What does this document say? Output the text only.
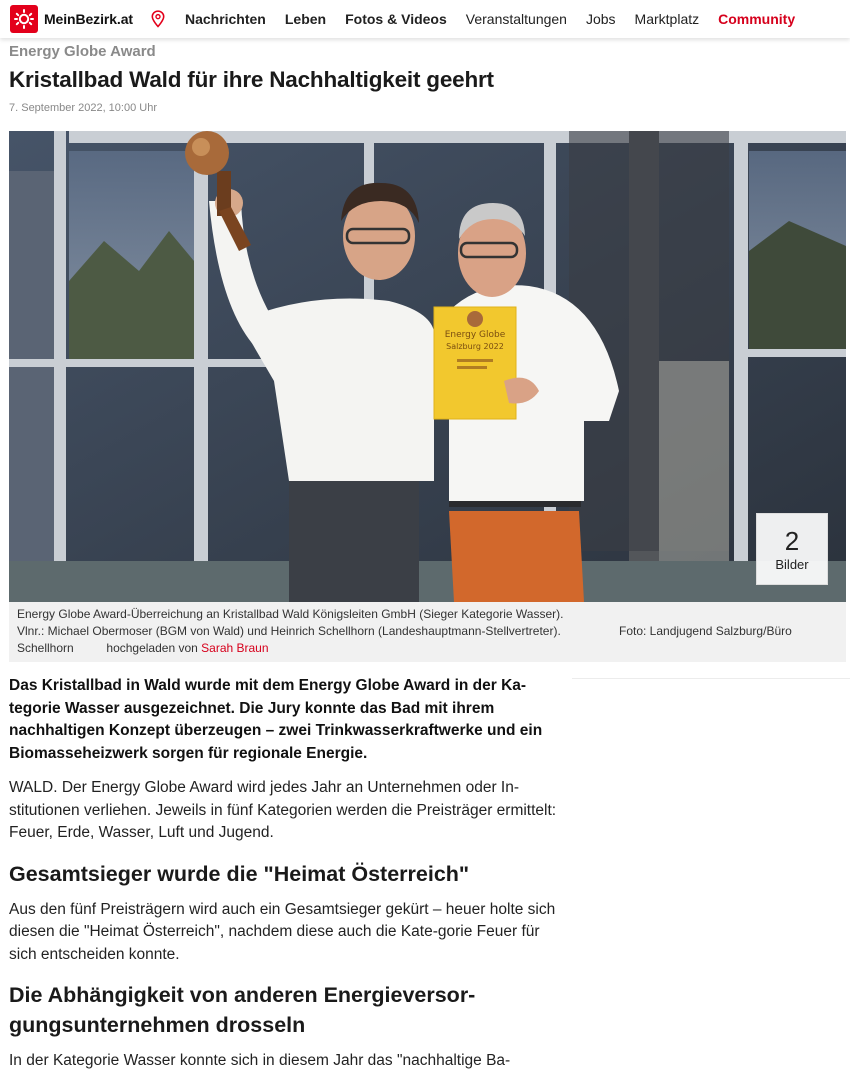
MeinBezirk.at	Nachrichten Leben Fotos & Videos Veranstaltungen Jobs Marktplatz Community
Energy Globe Award
Kristallbad Wald für ihre Nachhaltigkeit geehrt
7. September 2022, 10:00 Uhr
Energy Globe
Salzburg 2022
2
Bilder
Energy Globe Award-Überreichung an Kristallbad Wald Königsleiten GmbH (Sieger Kategorie Wasser).
Vlnr.: Michael Obermoser (BGM von Wald) und Heinrich Schellhorn (Landeshauptmann-Stellvertreter).	Foto: Landjugend Salzburg/Büro
Schellhorn	hochgeladen von Sarah Braun

Das Kristallbad in Wald wurde mit dem Energy Globe Award in der Ka-tegorie Wasser ausgezeichnet. Die Jury konnte das Bad mit ihrem nachhaltigen Konzept überzeugen – zwei Trinkwasserkraftwerke und ein Biomasseheizwerk sorgen für regionale Energie.

WALD. Der Energy Globe Award wird jedes Jahr an Unternehmen oder In-stitutionen verliehen. Jeweils in fünf Kategorien werden die Preisträger ermittelt: Feuer, Erde, Wasser, Luft und Jugend.

Gesamtsieger wurde die "Heimat Österreich"

Aus den fünf Preisträgern wird auch ein Gesamtsieger gekürt – heuer holte sich diesen die "Heimat Österreich", nachdem diese auch die Kate-gorie Feuer für sich entscheiden konnte.

Die Abhängigkeit von anderen Energieversor-gungsunternehmen drosseln

In der Kategorie Wasser konnte sich in diesem Jahr das "nachhaltige Ba-
